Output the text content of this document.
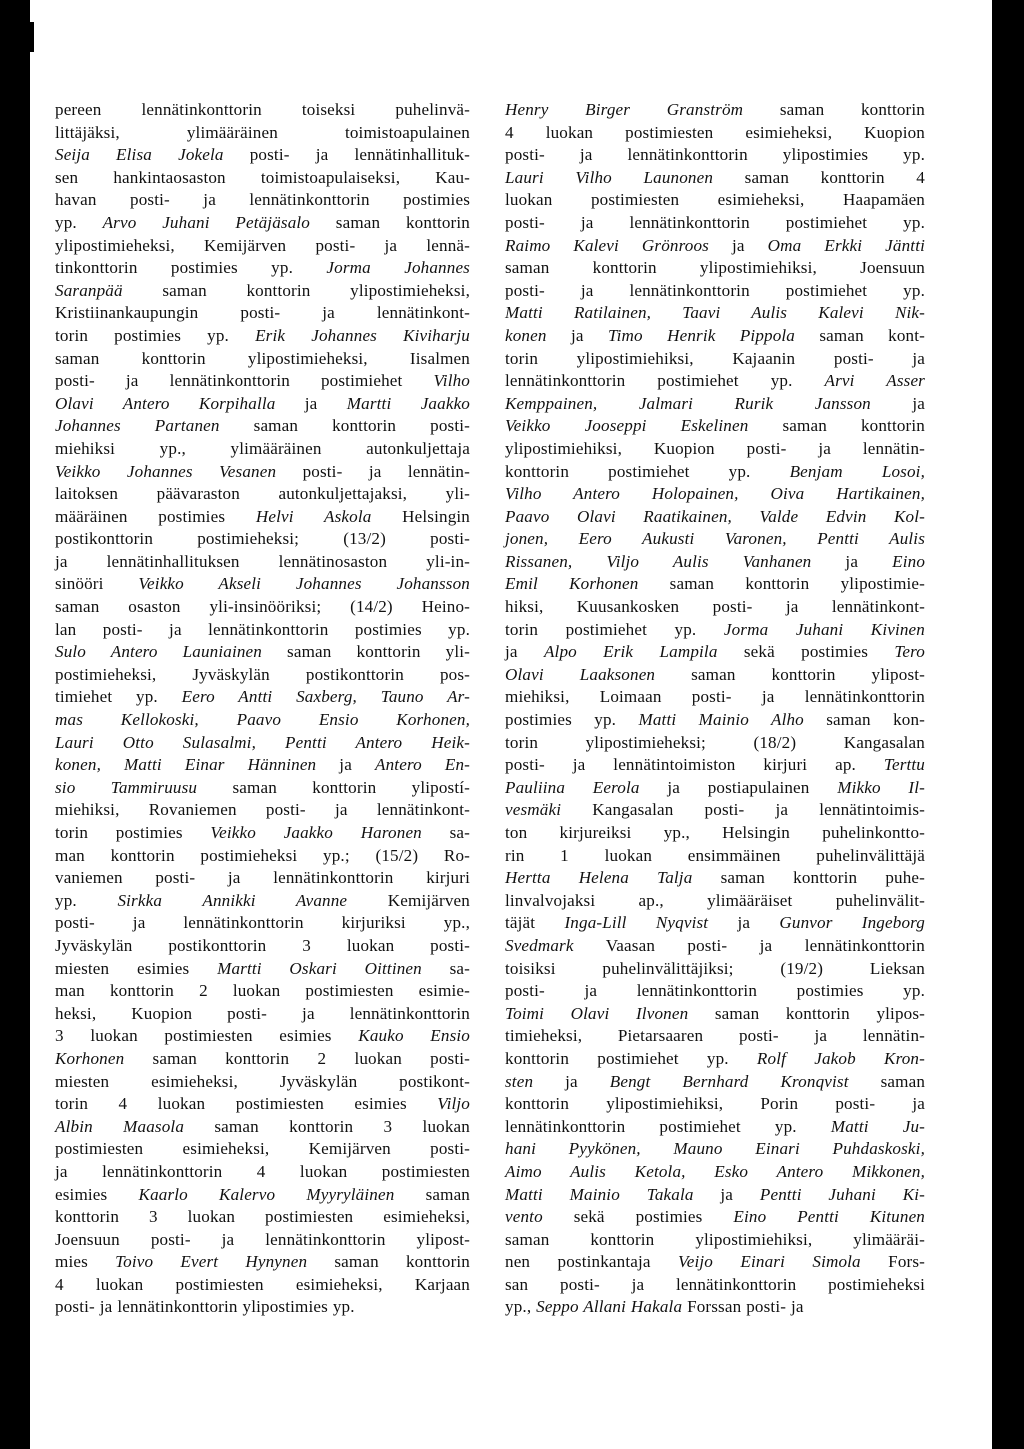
pereen lennätinkonttorin toiseksi puhelinvä-
littäjäksi, ylimääräinen toimistoapulainen
Seija Elisa Jokela posti- ja lennätinhallituk-
sen hankintaosaston toimistoapulaiseksi, Kau-
havan posti- ja lennätinkonttorin postimies
yp. Arvo Juhani Petäjäsalo saman konttorin
ylipostimieheksi, Kemijärven posti- ja lennä-
tinkonttorin postimies yp. Jorma Johannes
Saranpää saman konttorin ylipostimieheksi,
Kristiinankaupungin posti- ja lennätinkont-
torin postimies yp. Erik Johannes Kiviharju
saman konttorin ylipostimieheksi, Iisalmen
posti- ja lennätinkonttorin postimiehet Vilho
Olavi Antero Korpihalla ja Martti Jaakko
Johannes Partanen saman konttorin posti-
miehiksi yp., ylimääräinen autonkuljettaja
Veikko Johannes Vesanen posti- ja lennätin-
laitoksen päävaraston autonkuljettajaksi, yli-
määräinen postimies Helvi Askola Helsingin
postikonttorin postimieheksi; (13/2) posti-
ja lennätinhallituksen lennätinosaston yli-in-
sinööri Veikko Akseli Johannes Johansson
saman osaston yli-insinööriksi; (14/2) Heino-
lan posti- ja lennätinkonttorin postimies yp.
Sulo Antero Launiainen saman konttorin yli-
postimieheksi, Jyväskylän postikonttorin pos-
timiehet yp. Eero Antti Saxberg, Tauno Ar-
mas Kellokoski, Paavo Ensio Korhonen,
Lauri Otto Sulasalmi, Pentti Antero Heik-
konen, Matti Einar Hänninen ja Antero En-
sio Tammiruusu saman konttorin ylipostí-
miehiksi, Rovaniemen posti- ja lennätinkont-
torin postimies Veikko Jaakko Haronen sa-
man konttorin postimieheksi yp.; (15/2) Ro-
vaniemen posti- ja lennätinkonttorin kirjuri
yp. Sirkka Annikki Avanne Kemijärven
posti- ja lennätinkonttorin kirjuriksi yp.,
Jyväskylän postikonttorin 3 luokan posti-
miesten esimies Martti Oskari Oittinen sa-
man konttorin 2 luokan postimiesten esimie-
heksi, Kuopion posti- ja lennätinkonttorin
3 luokan postimiesten esimies Kauko Ensio
Korhonen saman konttorin 2 luokan posti-
miesten esimieheksi, Jyväskylän postikont-
torin 4 luokan postimiesten esimies Viljo
Albin Maasola saman konttorin 3 luokan
postimiesten esimieheksi, Kemijärven posti-
ja lennätinkonttorin 4 luokan postimiesten
esimies Kaarlo Kalervo Myyryläinen saman
konttorin 3 luokan postimiesten esimieheksi,
Joensuun posti- ja lennätinkonttorin ylipost-
mies Toivo Evert Hynynen saman konttorin
4 luokan postimiesten esimieheksi, Karjaan
posti- ja lennätinkonttorin ylipostimies yp.
Henry Birger Granström saman konttorin
4 luokan postimiesten esimieheksi, Kuopion
posti- ja lennätinkonttorin ylipostimies yp.
Lauri Vilho Launonen saman konttorin 4
luokan postimiesten esimieheksi, Haapamäen
posti- ja lennätinkonttorin postimiehet yp.
Raimo Kalevi Grönroos ja Oma Erkki Jäntti
saman konttorin ylipostimiehiksi, Joensuun
posti- ja lennätinkonttorin postimiehet yp.
Matti Ratilainen, Taavi Aulis Kalevi Nik-
konen ja Timo Henrik Pippola saman kont-
torin ylipostimiehiksi, Kajaanin posti- ja
lennätinkonttorin postimiehet yp. Arvi Asser
Kemppainen, Jalmari Rurik Jansson ja
Veikko Jooseppi Eskelinen saman konttorin
ylipostimiehiksi, Kuopion posti- ja lennätin-
konttorin postimiehet yp. Benjam Losoi,
Vilho Antero Holopainen, Oiva Hartikainen,
Paavo Olavi Raatikainen, Valde Edvin Kol-
jonen, Eero Aukusti Varonen, Pentti Aulis
Rissanen, Viljo Aulis Vanhanen ja Eino
Emil Korhonen saman konttorin ylipostimie-
hiksi, Kuusankosken posti- ja lennätinkont-
torin postimiehet yp. Jorma Juhani Kivinen
ja Alpo Erik Lampila sekä postimies Tero
Olavi Laaksonen saman konttorin ylipost-
miehiksi, Loimaan posti- ja lennätinkonttorin
postimies yp. Matti Mainio Alho saman kon-
torin ylipostimieheksi; (18/2) Kangasalan
posti- ja lennätintoimiston kirjuri ap. Terttu
Pauliina Eerola ja postiapulainen Mikko Il-
vesmäki Kangasalan posti- ja lennätintoimis-
ton kirjureiksi yp., Helsingin puhelinkontto-
rin 1 luokan ensimmäinen puhelinvälittäjä
Hertta Helena Talja saman konttorin puhe-
linvalvojaksi ap., ylimääräiset puhelinvälit-
täjät Inga-Lill Nyqvist ja Gunvor Ingeborg
Svedmark Vaasan posti- ja lennätinkonttorin
toisiksi puhelinvälittäjiksi; (19/2) Lieksan
posti- ja lennätinkonttorin postimies yp.
Toimi Olavi Ilvonen saman konttorin ylipos-
timieheksi, Pietarsaaren posti- ja lennätin-
konttorin postimiehet yp. Rolf Jakob Kron-
sten ja Bengt Bernhard Kronqvist saman
konttorin ylipostimiehiksi, Porin posti- ja
lennätinkonttorin postimiehet yp. Matti Ju-
hani Pyykönen, Mauno Einari Puhdaskoski,
Aimo Aulis Ketola, Esko Antero Mikkonen,
Matti Mainio Takala ja Pentti Juhani Ki-
vento sekä postimies Eino Pentti Kitunen
saman konttorin ylipostimiehiksi, ylimääräi-
nen postinkantaja Veijo Einari Simola Fors-
san posti- ja lennätinkonttorin postimieheksi
yp., Seppo Allani Hakala Forssan posti- ja
